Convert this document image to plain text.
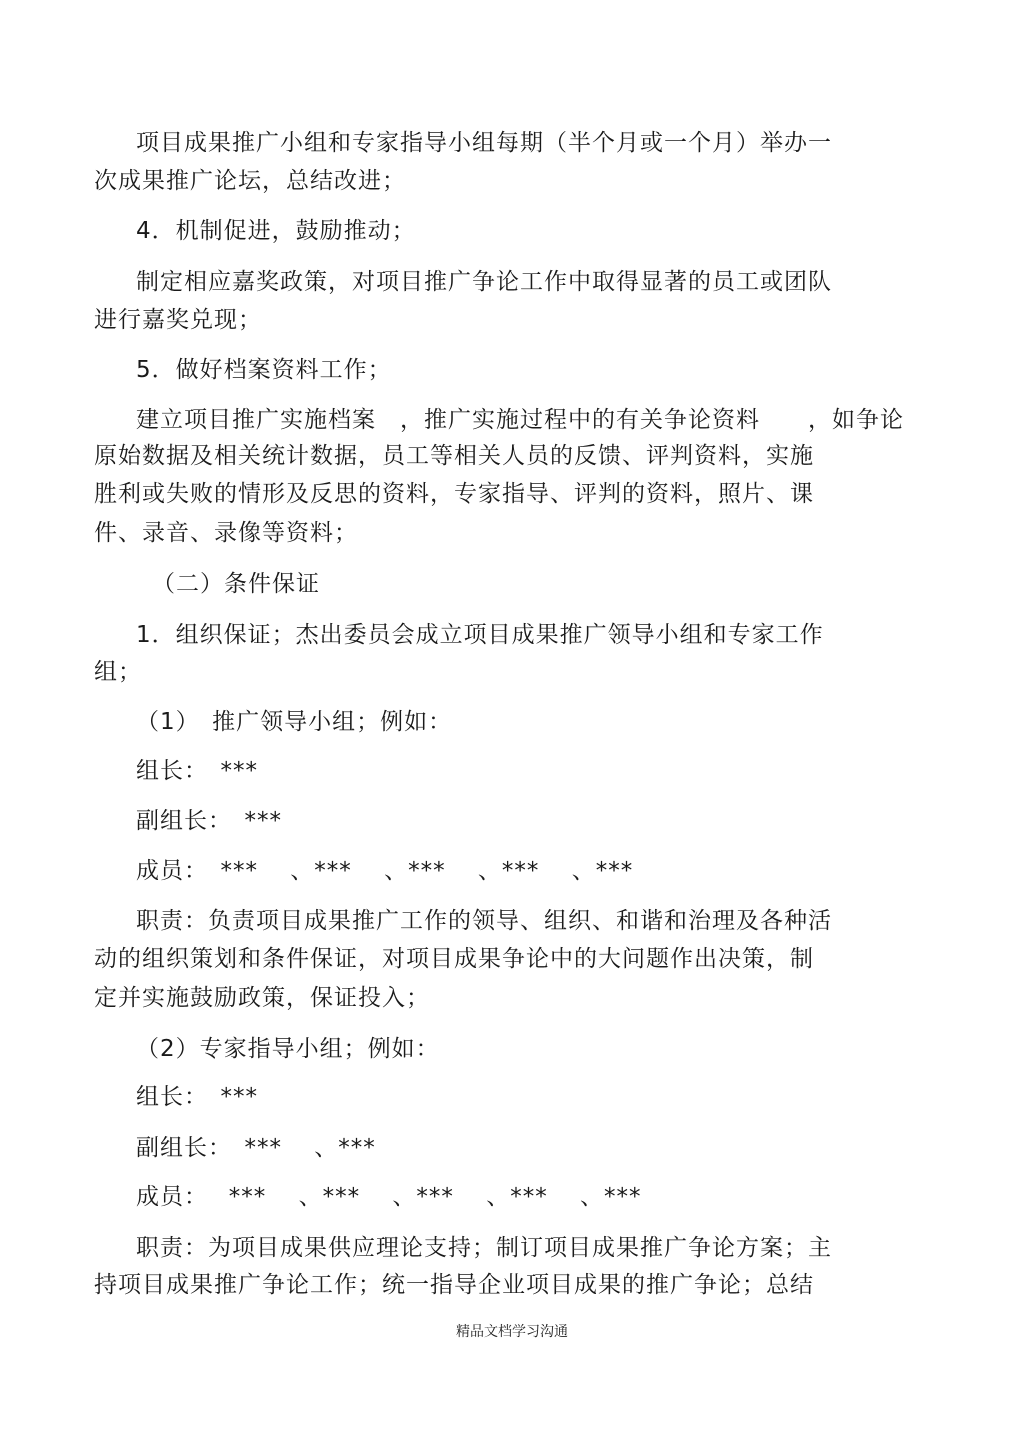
项目成果推广小组和专家指导小组每期（半个月或一个月）举办一
次成果推广论坛，总结改进；
4．机制促进，鼓励推动；
制定相应嘉奖政策，对项目推广争论工作中取得显著的员工或团队
进行嘉奖兑现；
5．做好档案资料工作；
建立项目推广实施档案　，推广实施过程中的有关争论资料　　，如争论
原始数据及相关统计数据，员工等相关人员的反馈、评判资料，实施
胜利或失败的情形及反思的资料，专家指导、评判的资料，照片、课
件、录音、录像等资料；
（二）条件保证
1．组织保证；杰出委员会成立项目成果推广领导小组和专家工作
组；
（1）　推广领导小组；例如：
组长：　***
副组长：　***
成员：　*** 　、*** 　、*** 　、*** 　、***
职责：负责项目成果推广工作的领导、组织、和谐和治理及各种活
动的组织策划和条件保证，对项目成果争论中的大问题作出决策，制
定并实施鼓励政策，保证投入；
（2）专家指导小组；例如：
组长：　***
副组长：　*** 　、***
成员：　 *** 　、*** 　、*** 　、*** 　、***
职责：为项目成果供应理论支持；制订项目成果推广争论方案；主
持项目成果推广争论工作；统一指导企业项目成果的推广争论；总结
精品文档学习沟通
